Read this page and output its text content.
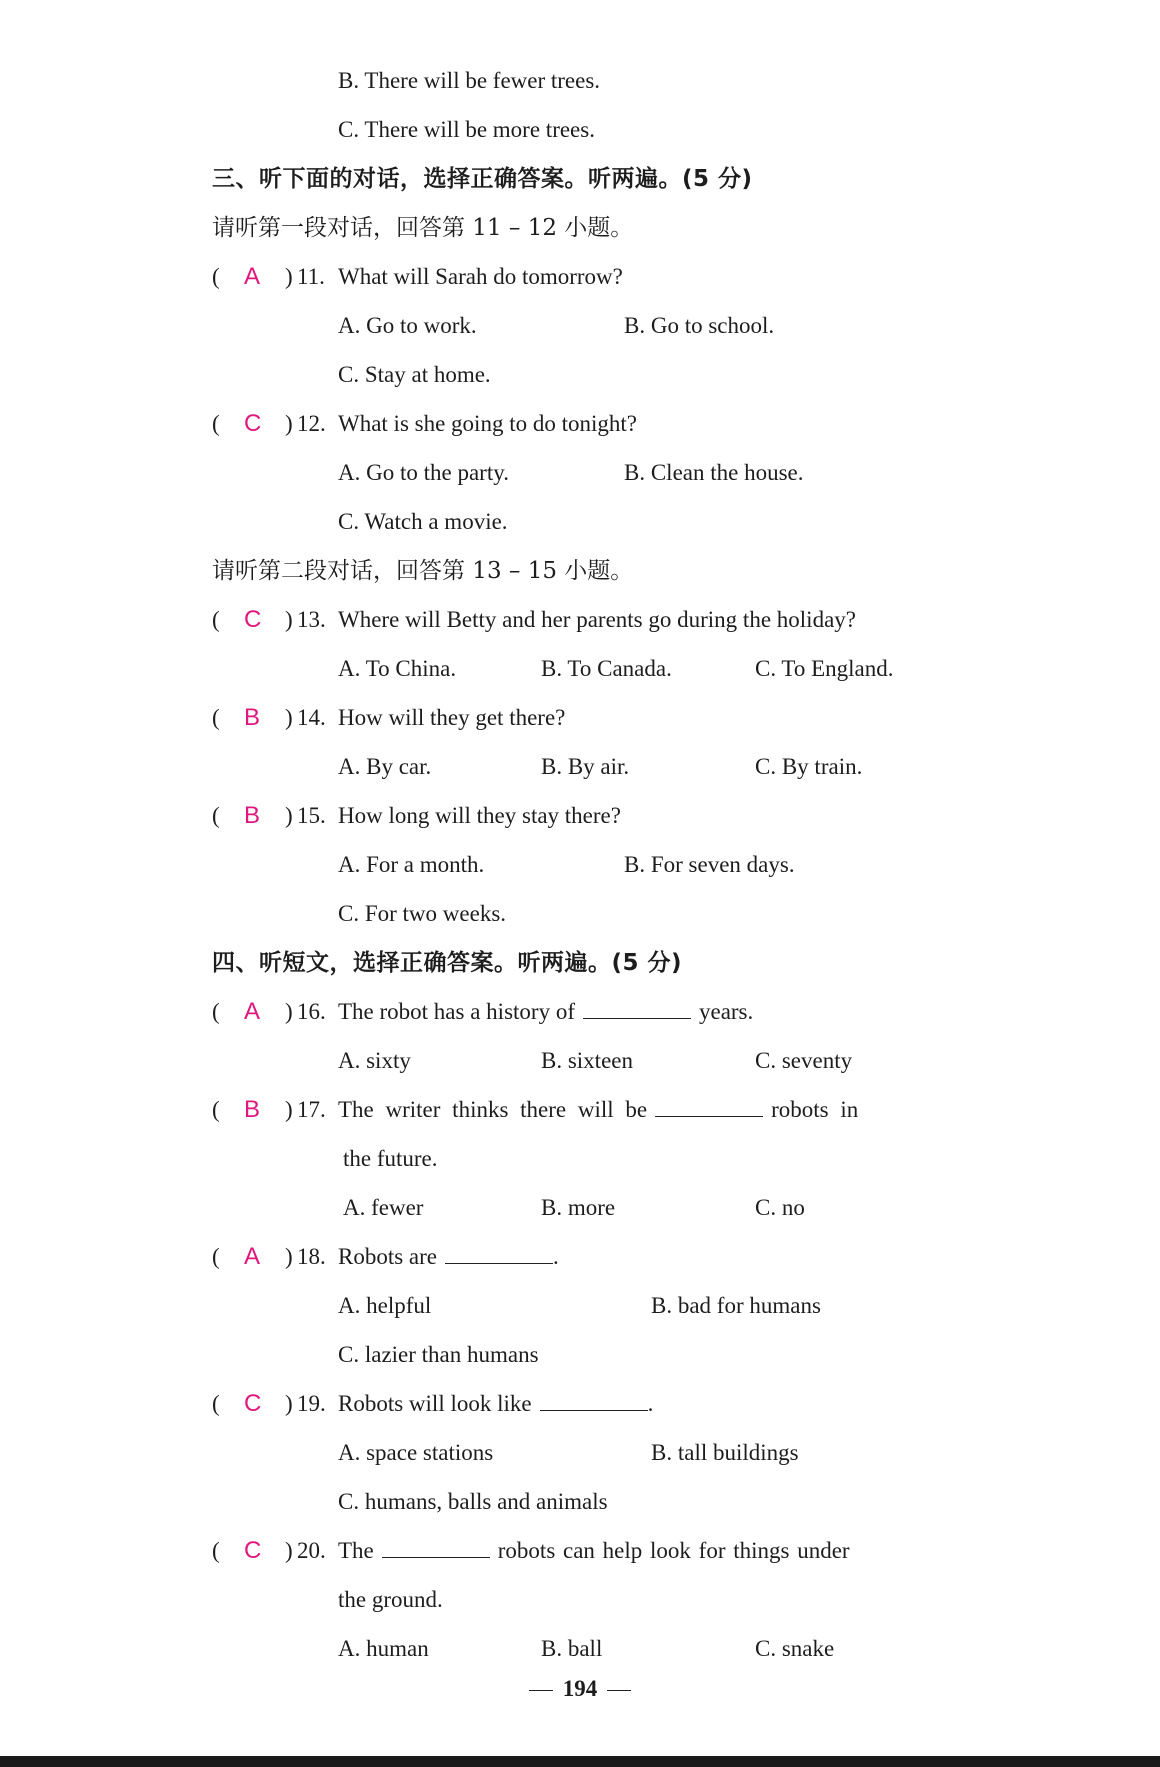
B. There will be fewer trees.
C. There will be more trees.
三、听下面的对话，选择正确答案。听两遍。(5 分)
请听第一段对话，回答第 11 – 12 小题。
( A ) 11. What will Sarah do tomorrow?
A. Go to work.	B. Go to school.
C. Stay at home.
( C ) 12. What is she going to do tonight?
A. Go to the party.	B. Clean the house.
C. Watch a movie.
请听第二段对话，回答第 13 – 15 小题。
( C ) 13. Where will Betty and her parents go during the holiday?
A. To China.	B. To Canada.	C. To England.
( B ) 14. How will they get there?
A. By car.	B. By air.	C. By train.
( B ) 15. How long will they stay there?
A. For a month.	B. For seven days.
C. For two weeks.
四、听短文，选择正确答案。听两遍。(5 分)
( A ) 16. The robot has a history of	years.
A. sixty	B. sixteen	C. seventy
( B ) 17. The writer thinks there will be	robots in
the future.
A. fewer	B. more	C. no
( A ) 18. Robots are	.
A. helpful	B. bad for humans
C. lazier than humans
( C ) 19. Robots will look like	.
A. space stations	B. tall buildings
C. humans, balls and animals
( C ) 20. The	robots can help look for things under
the ground.
A. human	B. ball	C. snake
194
